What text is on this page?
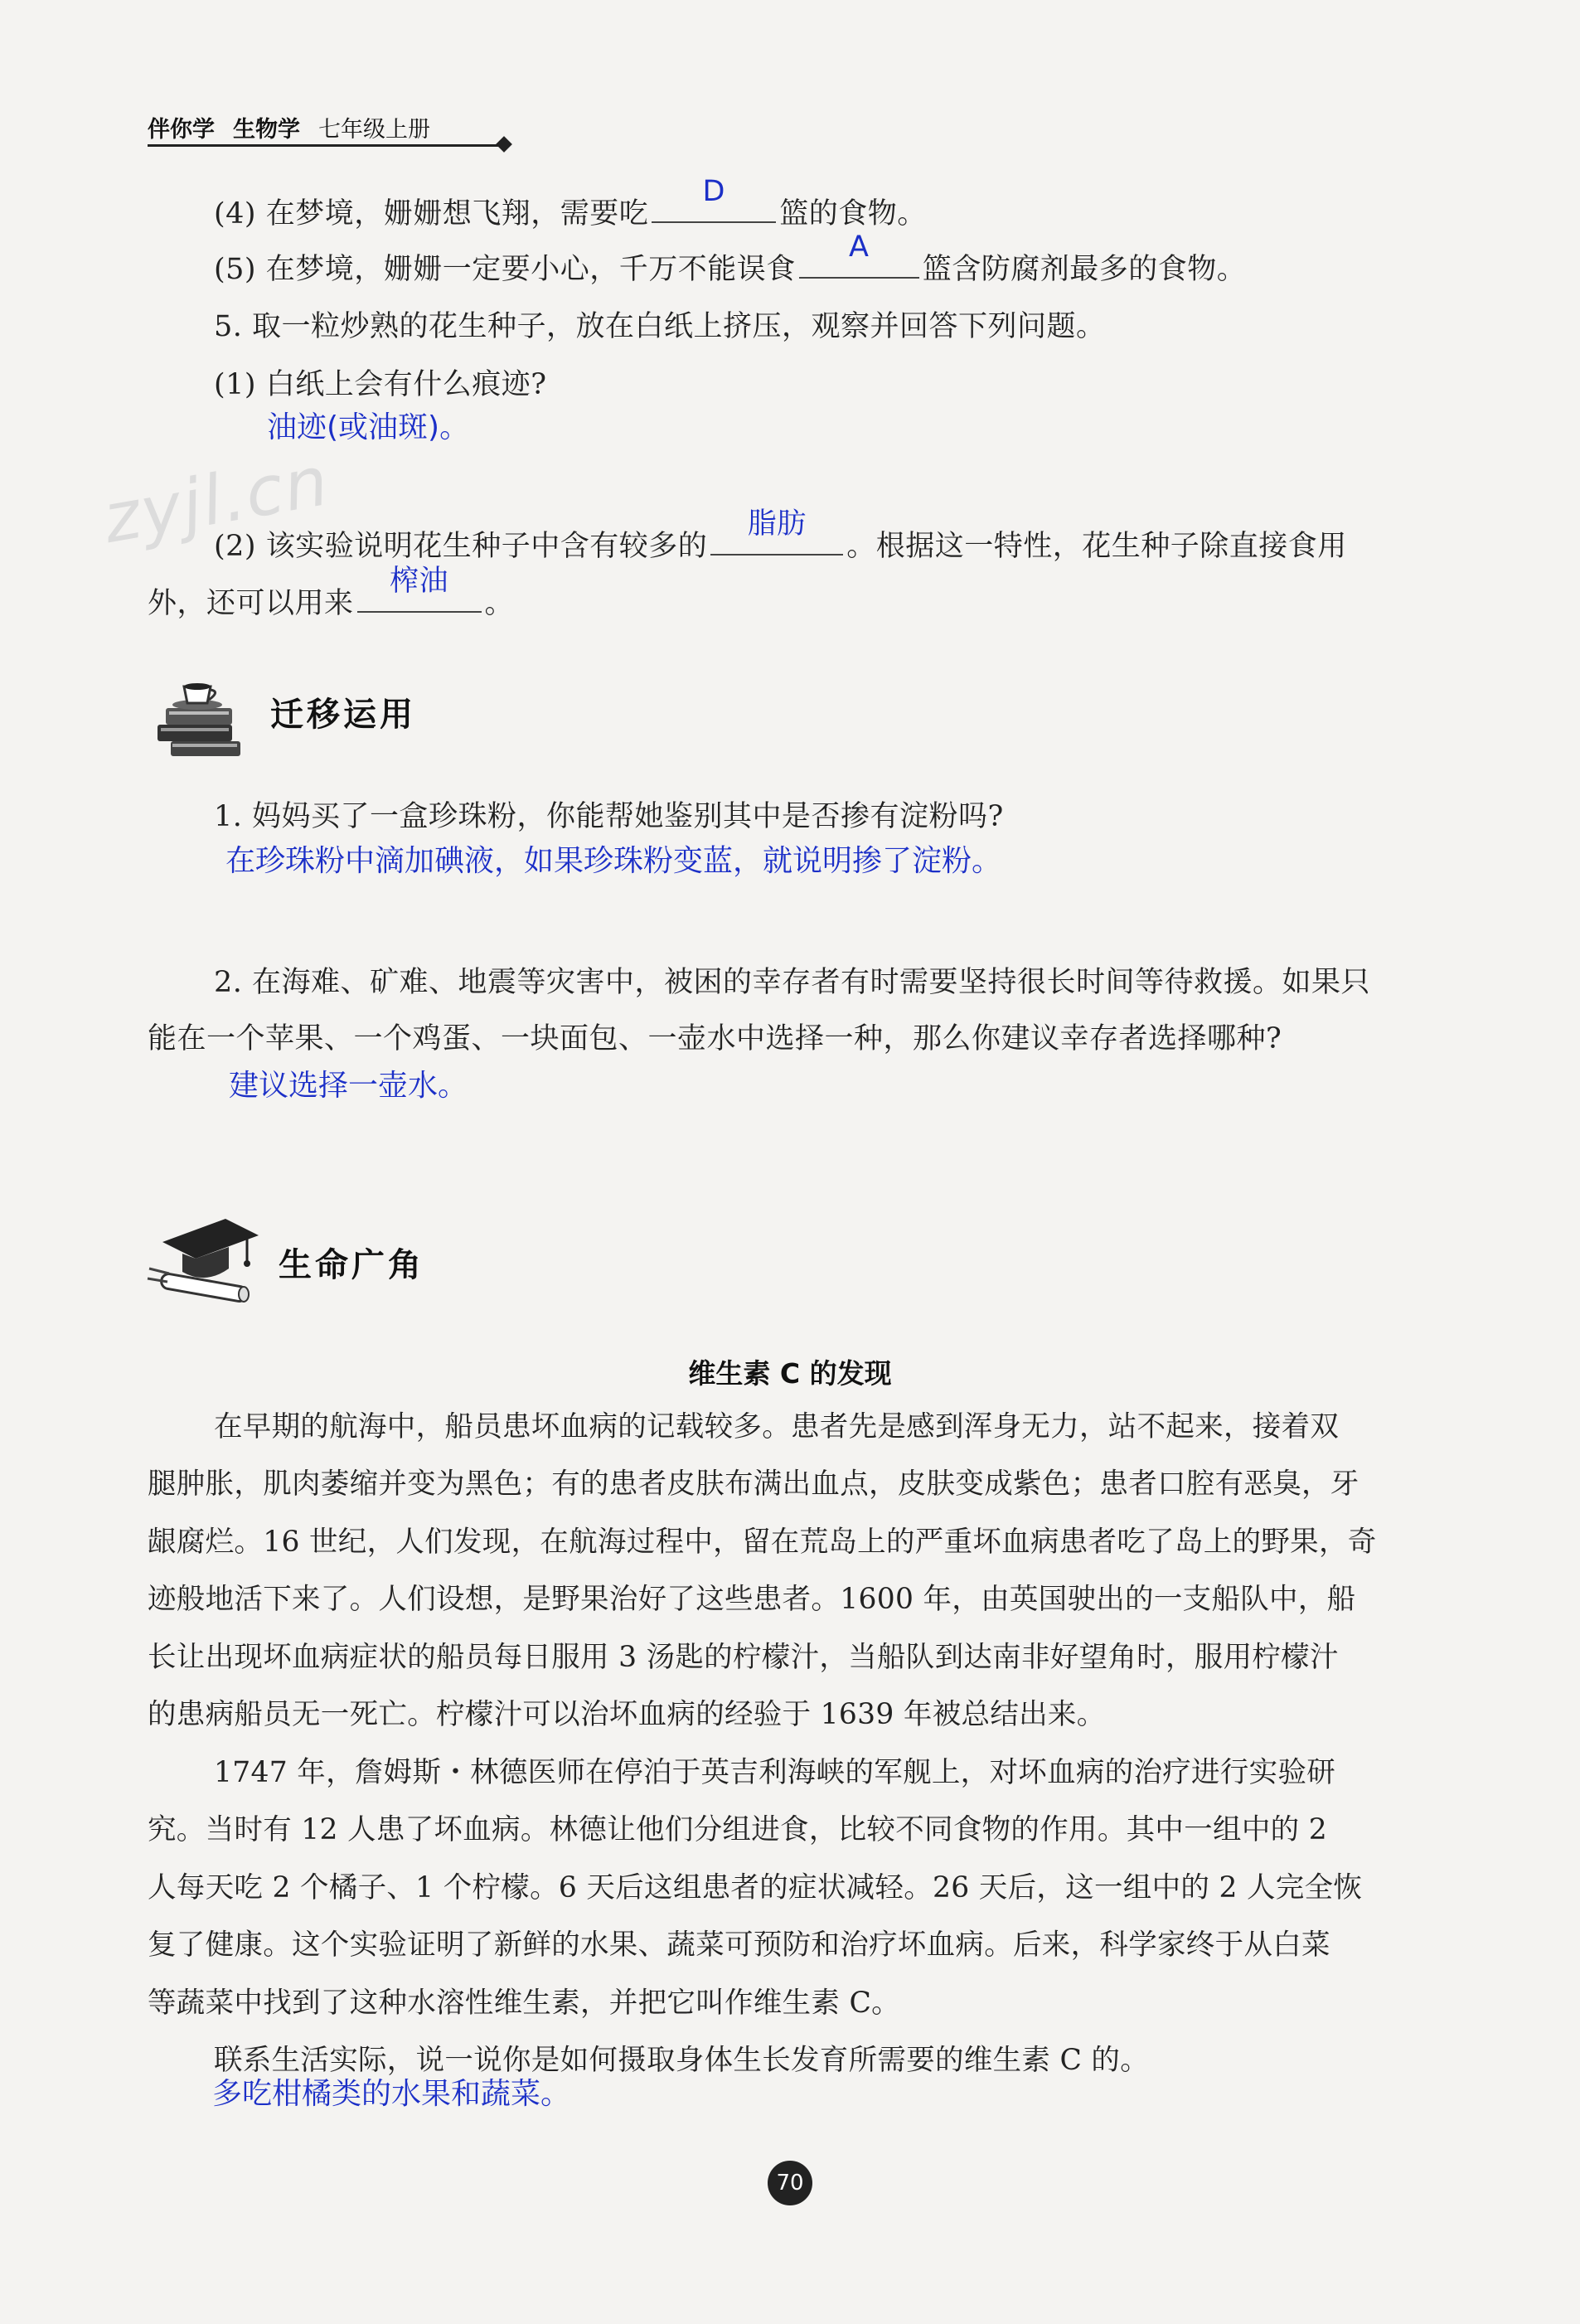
伴你学 生物学 七年级上册
(4) 在梦境，姗姗想飞翔，需要吃
D
篮的食物。
(5) 在梦境，姗姗一定要小心，千万不能误食
A
篮含防腐剂最多的食物。
5. 取一粒炒熟的花生种子，放在白纸上挤压，观察并回答下列问题。
(1) 白纸上会有什么痕迹?
油迹(或油斑)。
zyjl.cn
(2) 该实验说明花生种子中含有较多的
脂肪
。根据这一特性，花生种子除直接食用
外，还可以用来
榨油
。
迁移运用
1. 妈妈买了一盒珍珠粉，你能帮她鉴别其中是否掺有淀粉吗?
在珍珠粉中滴加碘液，如果珍珠粉变蓝，就说明掺了淀粉。
2. 在海难、矿难、地震等灾害中，被困的幸存者有时需要坚持很长时间等待救援。如果只
能在一个苹果、一个鸡蛋、一块面包、一壶水中选择一种，那么你建议幸存者选择哪种?
建议选择一壶水。
生命广角
维生素 C 的发现
在早期的航海中，船员患坏血病的记载较多。患者先是感到浑身无力，站不起来，接着双
腿肿胀，肌肉萎缩并变为黑色；有的患者皮肤布满出血点，皮肤变成紫色；患者口腔有恶臭，牙
龈腐烂。16 世纪，人们发现，在航海过程中，留在荒岛上的严重坏血病患者吃了岛上的野果，奇
迹般地活下来了。人们设想，是野果治好了这些患者。1600 年，由英国驶出的一支船队中，船
长让出现坏血病症状的船员每日服用 3 汤匙的柠檬汁，当船队到达南非好望角时，服用柠檬汁
的患病船员无一死亡。柠檬汁可以治坏血病的经验于 1639 年被总结出来。
1747 年，詹姆斯・林德医师在停泊于英吉利海峡的军舰上，对坏血病的治疗进行实验研
究。当时有 12 人患了坏血病。林德让他们分组进食，比较不同食物的作用。其中一组中的 2
人每天吃 2 个橘子、1 个柠檬。6 天后这组患者的症状减轻。26 天后，这一组中的 2 人完全恢
复了健康。这个实验证明了新鲜的水果、蔬菜可预防和治疗坏血病。后来，科学家终于从白菜
等蔬菜中找到了这种水溶性维生素，并把它叫作维生素 C。
联系生活实际，说一说你是如何摄取身体生长发育所需要的维生素 C 的。
多吃柑橘类的水果和蔬菜。
70
